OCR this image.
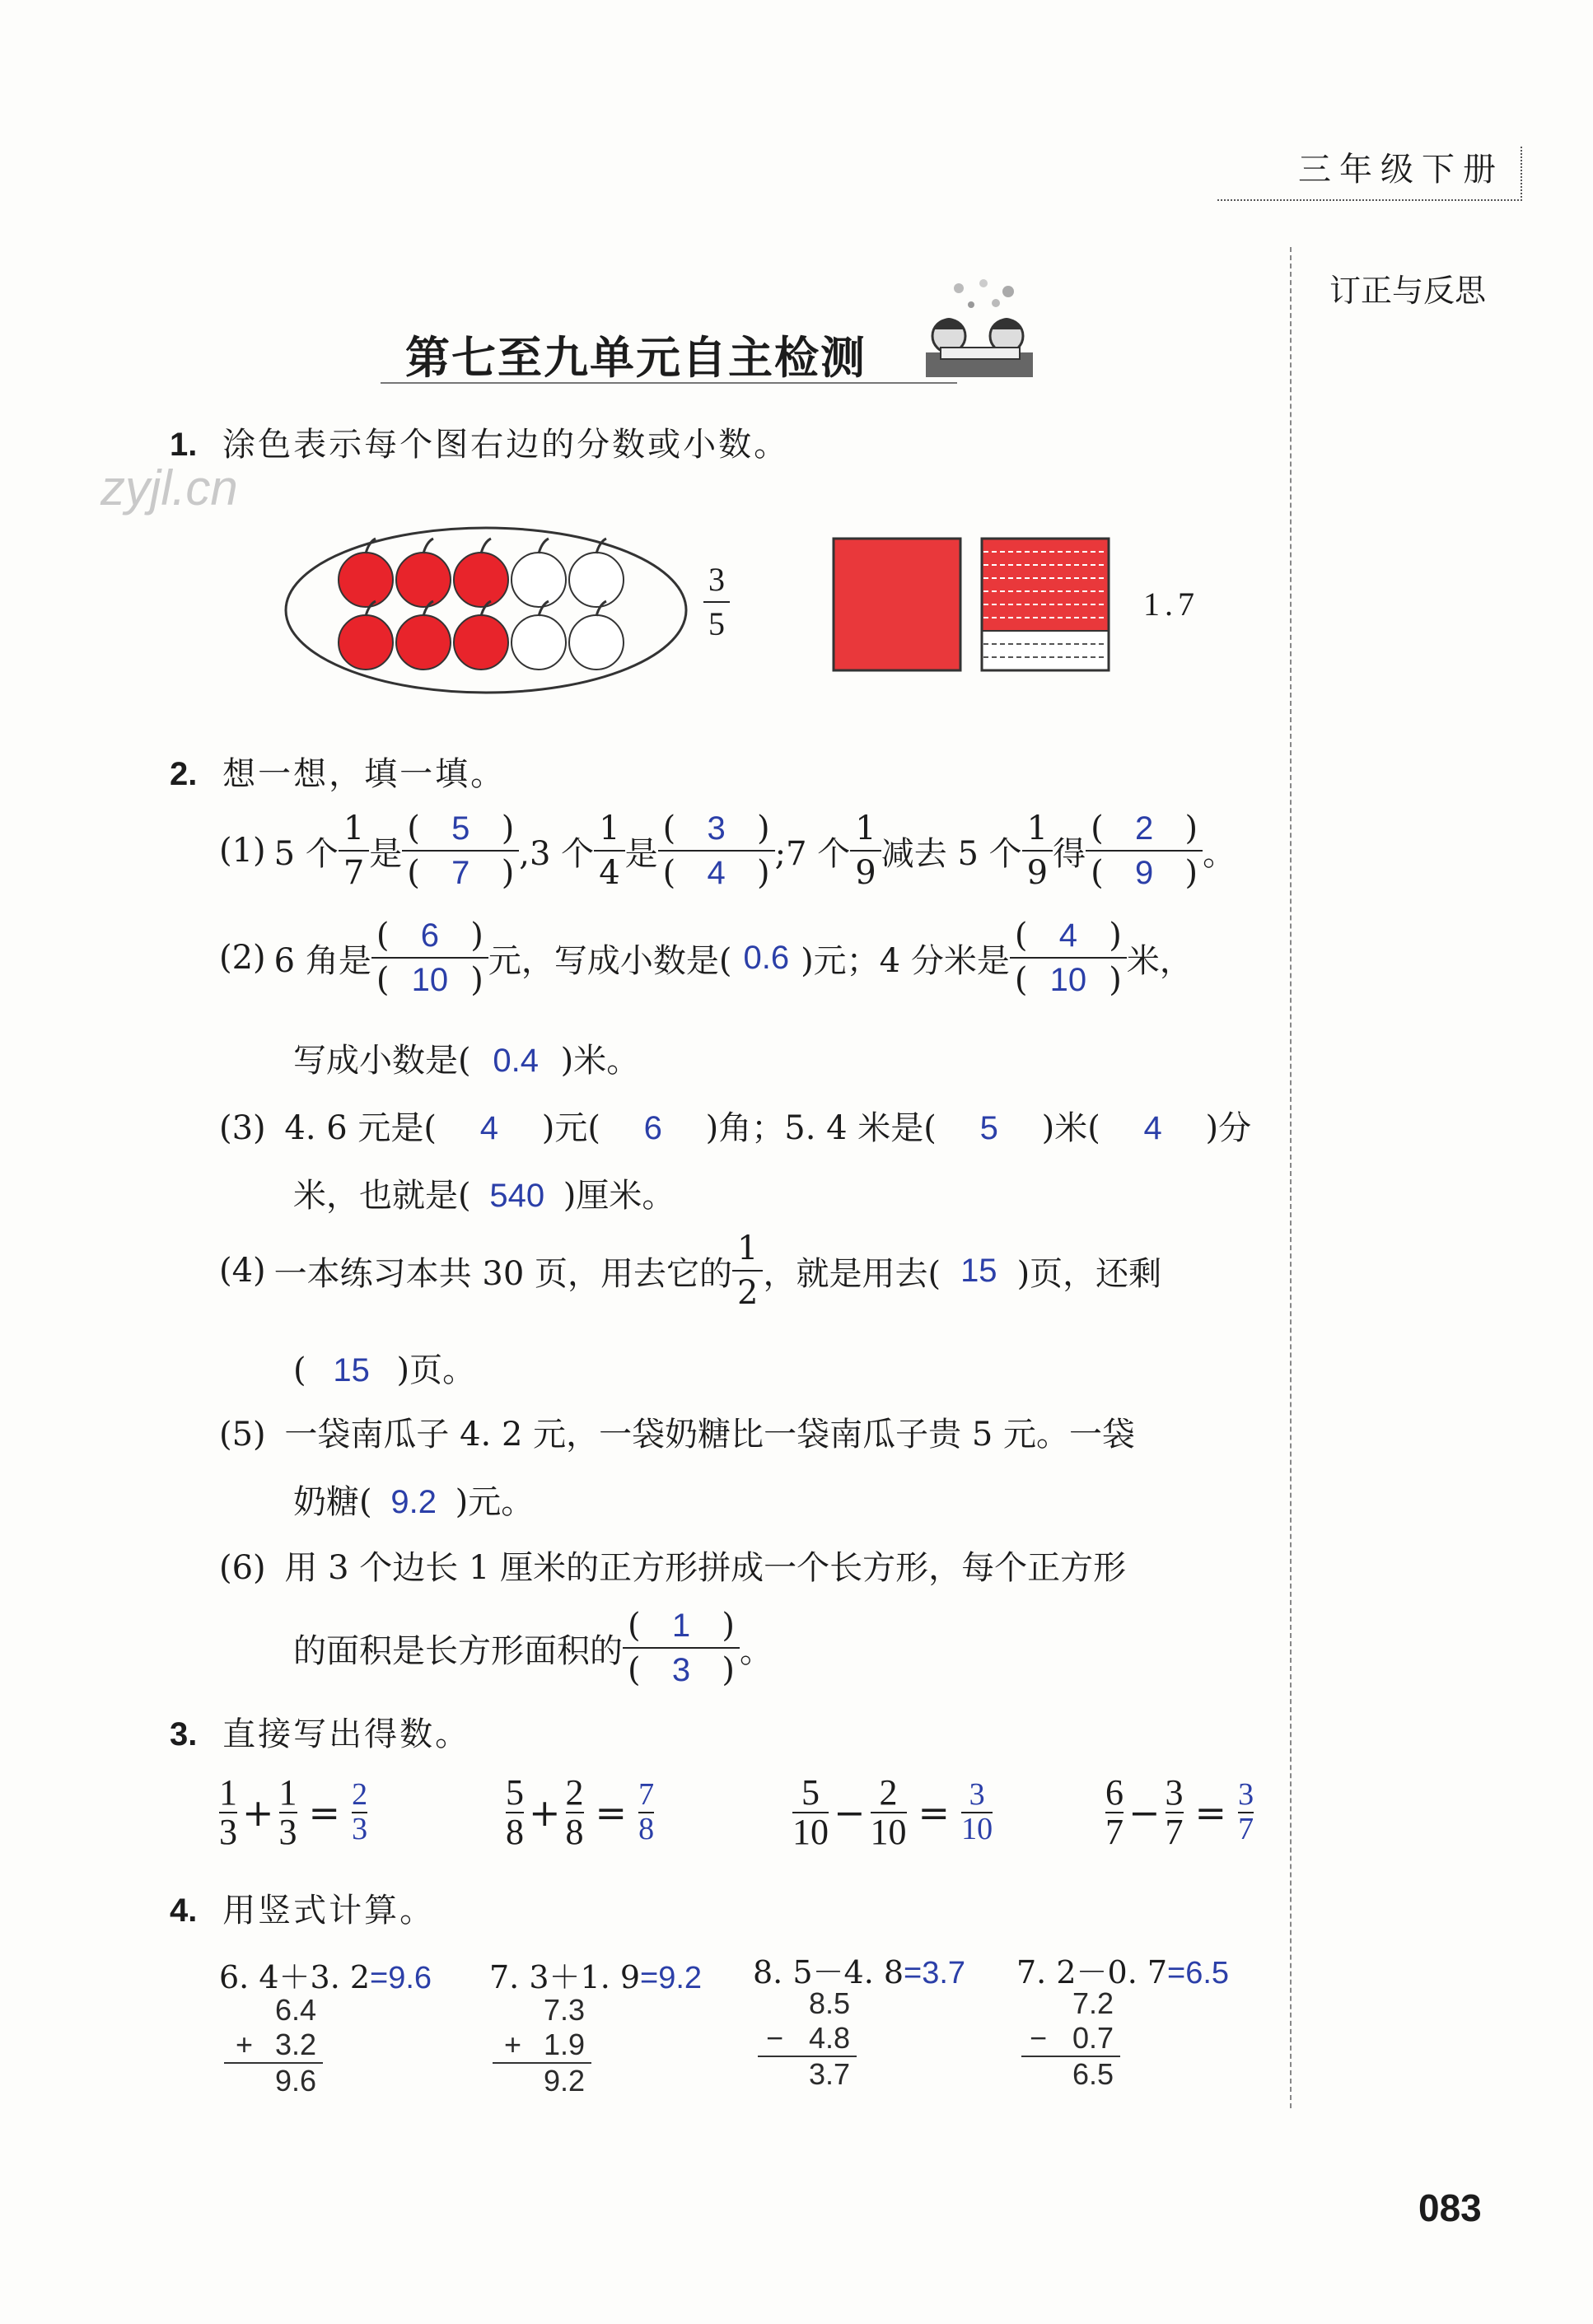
三年级下册
订正与反思
zyjl.cn
第七至九单元自主检测
1. 涂色表示每个图右边的分数或小数。
$\frac{3}{5}$	1.7
2. 想一想，填一填。
(1) 5 个 $\frac{1}{7}$ 是 $\frac{( 5 )}{( 7 )} ,3$ 个 $\frac{1}{4}$ 是 $\frac{( 3 )}{( 4 )}$ ;7 个 $\frac{1}{9}$ 减去 5 个 $\frac{1}{9}$ 得 $\frac{( 2 )}{( 9 )}$ 。
(2) 6 角是 $\frac{( 6 )}{( 10 )}$ 元，写成小数是( 0.6 )元；4 分米是 $\frac{( 4 )}{( 10 )}$ 米，
写成小数是( 0.4 )米。
(3) 4. 6 元是( 4 )元( 6 )角；5. 4 米是( 5 )米( 4 )分
米，也就是( 540 )厘米。
(4) 一本练习本共 30 页，用去它的 $\frac{1}{2}$ ，就是用去( 15 )页，还剩
( 15 )页。
(5) 一袋南瓜子 4. 2 元，一袋奶糖比一袋南瓜子贵 5 元。一袋
奶糖( 9.2 )元。
(6) 用 3 个边长 1 厘米的正方形拼成一个长方形，每个正方形
的面积是长方形面积的 $\frac{( 1 )}{( 3 )}$ 。
3. 直接写出得数。
$\frac{1}{3} + \frac{1}{3} = \frac{2}{3}$	$\frac{5}{8} + \frac{2}{8} = \frac{7}{8}$	$\frac{5}{10} - \frac{2}{10} = \frac{3}{10}$	$\frac{6}{7} - \frac{3}{7} = \frac{3}{7}$
4. 用竖式计算。
6. 4＋3. 2=9.6
6.4
+ 3.2
9.6
7. 3＋1. 9=9.2
7.3
+ 1.9
9.2
8. 5－4. 8=3.7
8.5
− 4.8
3.7
7. 2－0. 7=6.5
7.2
− 0.7
6.5
083
